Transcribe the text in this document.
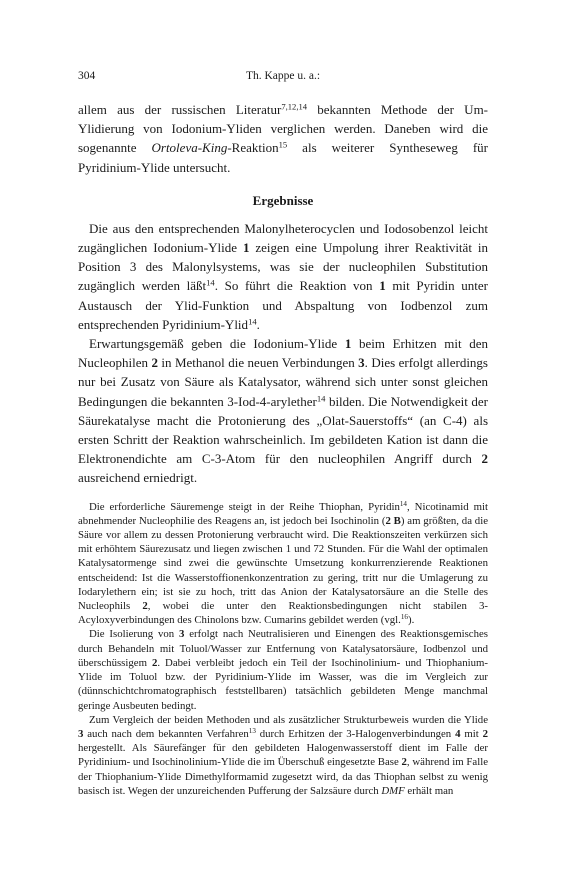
304	Th. Kappe u. a.:

allem aus der russischen Literatur$^{7,12,14}$ bekannten Methode der Um-Ylidierung von Iodonium-Yliden verglichen werden. Daneben wird die sogenannte Ortoleva-King-Reaktion$^{15}$ als weiterer Syntheseweg für Pyridinium-Ylide untersucht.

Ergebnisse

Die aus den entsprechenden Malonylheterocyclen und Iodosobenzol leicht zugänglichen Iodonium-Ylide 1 zeigen eine Umpolung ihrer Reaktivität in Position 3 des Malonylsystems, was sie der nucleophilen Substitution zugänglich werden läßt$^{14}$. So führt die Reaktion von 1 mit Pyridin unter Austausch der Ylid-Funktion und Abspaltung von Iodbenzol zum entsprechenden Pyridinium-Ylid$^{14}$.

Erwartungsgemäß geben die Iodonium-Ylide 1 beim Erhitzen mit den Nucleophilen 2 in Methanol die neuen Verbindungen 3. Dies erfolgt allerdings nur bei Zusatz von Säure als Katalysator, während sich unter sonst gleichen Bedingungen die bekannten 3-Iod-4-arylether$^{14}$ bilden. Die Notwendigkeit der Säurekatalyse macht die Protonierung des „Olat-Sauerstoffs“ (an C-4) als ersten Schritt der Reaktion wahrscheinlich. Im gebildeten Kation ist dann die Elektronendichte am C-3-Atom für den nucleophilen Angriff durch 2 ausreichend erniedrigt.

Die erforderliche Säuremenge steigt in der Reihe Thiophan, Pyridin$^{14}$, Nicotinamid mit abnehmender Nucleophilie des Reagens an, ist jedoch bei Isochinolin (2 B) am größten, da die Säure vor allem zu dessen Protonierung verbraucht wird. Die Reaktionszeiten verkürzen sich mit erhöhtem Säurezusatz und liegen zwischen 1 und 72 Stunden. Für die Wahl der optimalen Katalysatormenge sind zwei die gewünschte Umsetzung konkurrenzierende Reaktionen entscheidend: Ist die Wasserstoffionenkonzentration zu gering, tritt nur die Umlagerung zu Iodarylethern ein; ist sie zu hoch, tritt das Anion der Katalysatorsäure an die Stelle des Nucleophils 2, wobei die unter den Reaktionsbedingungen nicht stabilen 3-Acyloxyverbindungen des Chinolons bzw. Cumarins gebildet werden (vgl.$^{16}$).

Die Isolierung von 3 erfolgt nach Neutralisieren und Einengen des Reaktionsgemisches durch Behandeln mit Toluol/Wasser zur Entfernung von Katalysatorsäure, Iodbenzol und überschüssigem 2. Dabei verbleibt jedoch ein Teil der Isochinolinium- und Thiophanium-Ylide im Toluol bzw. der Pyridinium-Ylide im Wasser, was die im Vergleich zur (dünnschichtchromatographisch feststellbaren) tatsächlich gebildeten Menge manchmal geringe Ausbeuten bedingt.

Zum Vergleich der beiden Methoden und als zusätzlicher Strukturbeweis wurden die Ylide 3 auch nach dem bekannten Verfahren$^{13}$ durch Erhitzen der 3-Halogenverbindungen 4 mit 2 hergestellt. Als Säurefänger für den gebildeten Halogenwasserstoff dient im Falle der Pyridinium- und Isochinolinium-Ylide die im Überschuß eingesetzte Base 2, während im Falle der Thiophanium-Ylide Dimethylformamid zugesetzt wird, da das Thiophan selbst zu wenig basisch ist. Wegen der unzureichenden Pufferung der Salzsäure durch DMF erhält man
